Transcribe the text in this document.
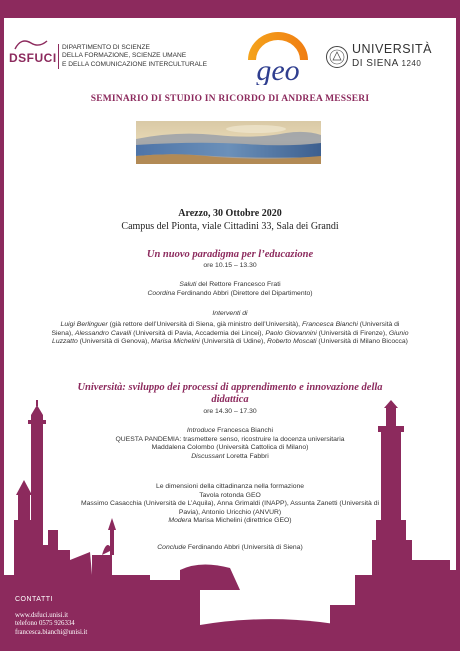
DSFUCI
DIPARTIMENTO DI SCIENZE
DELLA FORMAZIONE, SCIENZE UMANE
E DELLA COMUNICAZIONE INTERCULTURALE geo
UNIVERSITÀ
DI SIENA 1240
SEMINARIO DI STUDIO IN RICORDO DI ANDREA MESSERI
Arezzo, 30 Ottobre 2020
Campus del Pionta, viale Cittadini 33, Sala dei Grandi
Un nuovo paradigma per l’educazione
ore 10.15 – 13.30
Saluti del Rettore Francesco Frati
Coordina Ferdinando Abbri (Direttore del Dipartimento)
Interventi di
Luigi Berlinguer (già rettore dell’Università di Siena, già ministro dell’Università), Francesca Bianchi (Università di Siena), Alessandro Cavalli (Università di Pavia, Accademia dei Lincei), Paolo Giovannini (Università di Firenze), Giunio Luzzatto (Università di Genova), Marisa Michelini (Università di Udine), Roberto Moscati (Università di Milano Bicocca)
Università: sviluppo dei processi di apprendimento e innovazione della
didattica
ore 14.30 – 17.30
Introduce Francesca Bianchi
QUESTA PANDEMIA: trasmettere senso, ricostruire la docenza universitaria
Maddalena Colombo (Università Cattolica di Milano)
Discussant Loretta Fabbri
Le dimensioni della cittadinanza nella formazione
Tavola rotonda GEO
Massimo Casacchia (Università de L’Aquila), Anna Grimaldi (INAPP), Assunta Zanetti (Università di
Pavia), Antonio Uricchio (ANVUR)
Modera Marisa Michelini (direttrice GEO)
Conclude Ferdinando Abbri (Università di Siena)
CONTATTI
www.dsfuci.unisi.it
telefono 0575 926334
francesca.bianchi@unisi.it
